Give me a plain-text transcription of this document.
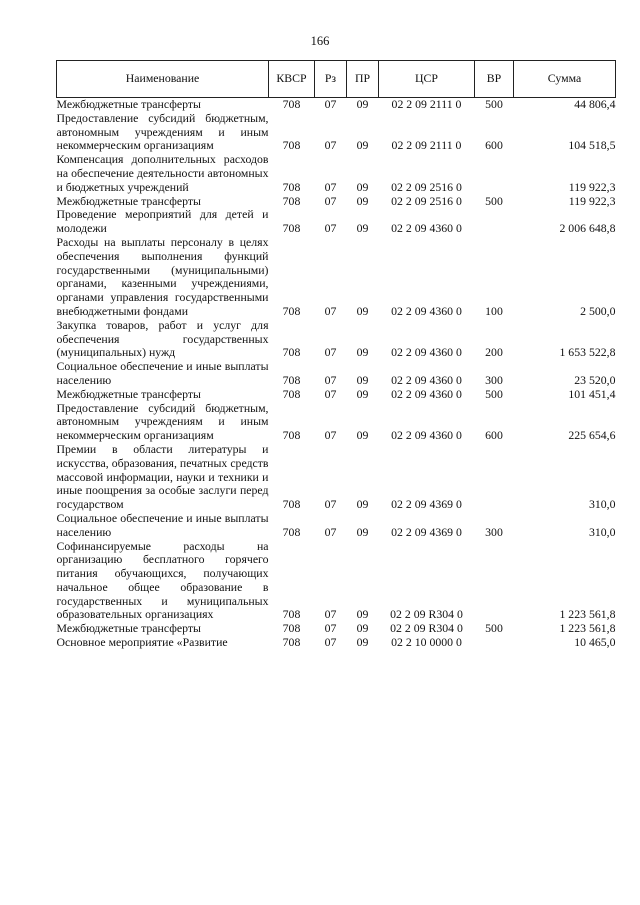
166
Наименование	КВСР	Рз	ПР	ЦСР	ВР	Сумма
Межбюджетные трансферты	708	07	09	02 2 09 2111 0	500	44 806,4
Предоставление субсидий бюджетным, автономным учреждениям и иным некоммерческим организациям	708	07	09	02 2 09 2111 0	600	104 518,5
Компенсация дополнительных расходов на обеспечение деятельности автономных и бюджетных учреждений	708	07	09	02 2 09 2516 0		119 922,3
Межбюджетные трансферты	708	07	09	02 2 09 2516 0	500	119 922,3
Проведение мероприятий для детей и молодежи	708	07	09	02 2 09 4360 0		2 006 648,8
Расходы на выплаты персоналу в целях обеспечения выполнения функций государственными (муниципальными) органами, казенными учреждениями, органами управления государственными внебюджетными фондами	708	07	09	02 2 09 4360 0	100	2 500,0
Закупка товаров, работ и услуг для обеспечения государственных (муниципальных) нужд	708	07	09	02 2 09 4360 0	200	1 653 522,8
Социальное обеспечение и иные выплаты населению	708	07	09	02 2 09 4360 0	300	23 520,0
Межбюджетные трансферты	708	07	09	02 2 09 4360 0	500	101 451,4
Предоставление субсидий бюджетным, автономным учреждениям и иным некоммерческим организациям	708	07	09	02 2 09 4360 0	600	225 654,6
Премии в области литературы и искусства, образования, печатных средств массовой информации, науки и техники и иные поощрения за особые заслуги перед государством	708	07	09	02 2 09 4369 0		310,0
Социальное обеспечение и иные выплаты населению	708	07	09	02 2 09 4369 0	300	310,0
Софинансируемые расходы на организацию бесплатного горячего питания обучающихся, получающих начальное общее образование в государственных и муниципальных образовательных организациях	708	07	09	02 2 09 R304 0		1 223 561,8
Межбюджетные трансферты	708	07	09	02 2 09 R304 0	500	1 223 561,8
Основное мероприятие «Развитие	708	07	09	02 2 10 0000 0		10 465,0
